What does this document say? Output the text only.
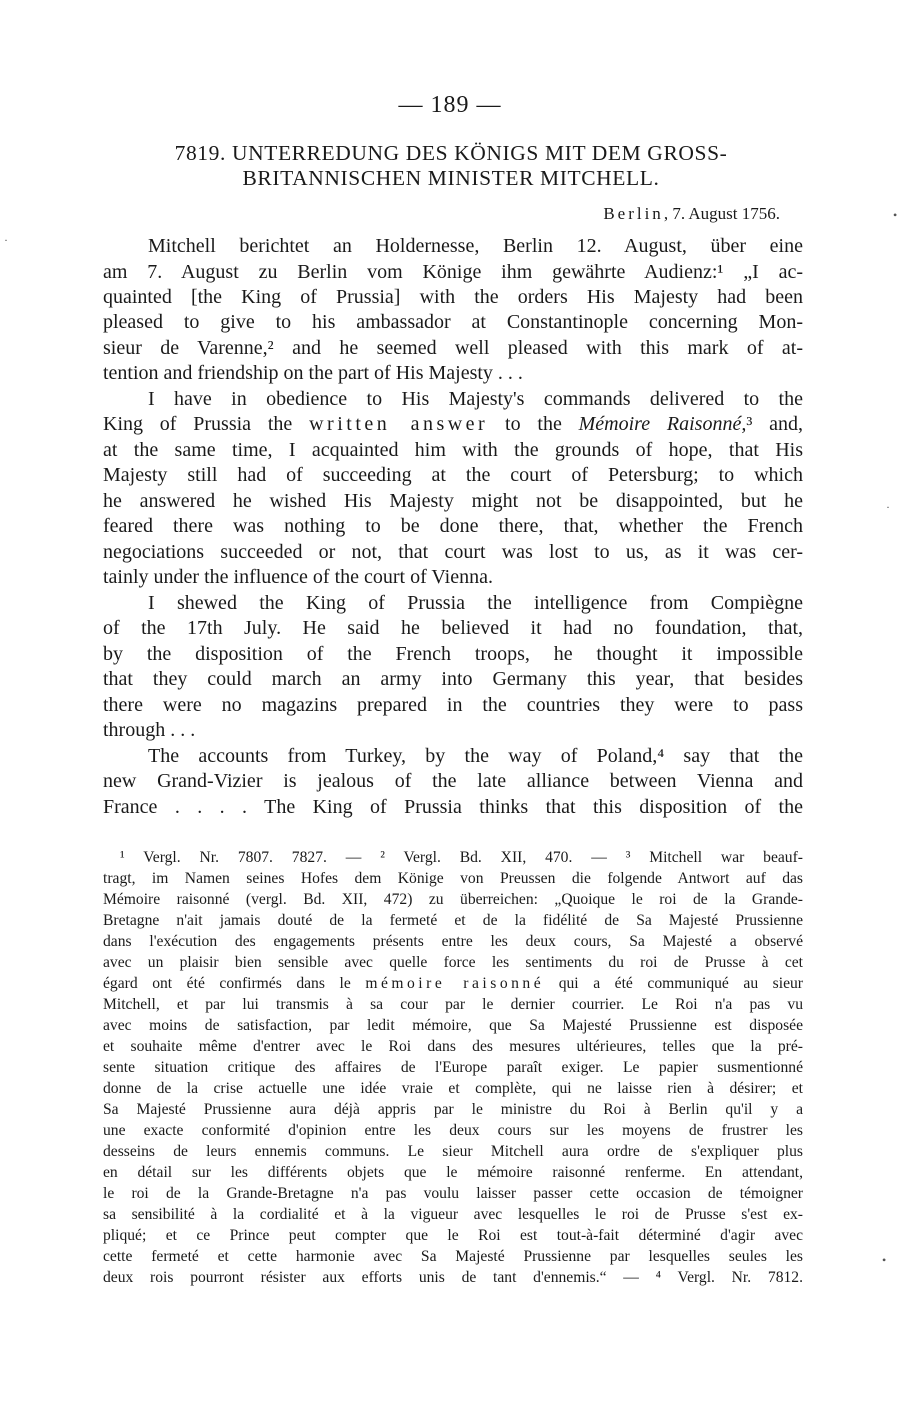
— 189 —
7819. UNTERREDUNG DES KÖNIGS MIT DEM GROSS-
BRITANNISCHEN MINISTER MITCHELL.
Berlin, 7. August 1756.
Mitchell berichtet an Holdernesse, Berlin 12. August, über eine
am 7. August zu Berlin vom Könige ihm gewährte Audienz:¹ „I ac-
quainted [the King of Prussia] with the orders His Majesty had been
pleased to give to his ambassador at Constantinople concerning Mon-
sieur de Varenne,² and he seemed well pleased with this mark of at-
tention and friendship on the part of His Majesty . . .
I have in obedience to His Majesty's commands delivered to the
King of Prussia the written answer to the Mémoire Raisonné,³ and,
at the same time, I acquainted him with the grounds of hope, that His
Majesty still had of succeeding at the court of Petersburg; to which
he answered he wished His Majesty might not be disappointed, but he
feared there was nothing to be done there, that, whether the French
negociations succeeded or not, that court was lost to us, as it was cer-
tainly under the influence of the court of Vienna.
I shewed the King of Prussia the intelligence from Compiègne
of the 17th July. He said he believed it had no foundation, that,
by the disposition of the French troops, he thought it impossible
that they could march an army into Germany this year, that besides
there were no magazins prepared in the countries they were to pass
through . . .
The accounts from Turkey, by the way of Poland,⁴ say that the
new Grand-Vizier is jealous of the late alliance between Vienna and
France . . . . The King of Prussia thinks that this disposition of the
¹ Vergl. Nr. 7807. 7827. — ² Vergl. Bd. XII, 470. — ³ Mitchell war beauf-
tragt, im Namen seines Hofes dem Könige von Preussen die folgende Antwort auf das
Mémoire raisonné (vergl. Bd. XII, 472) zu überreichen: „Quoique le roi de la Grande-
Bretagne n'ait jamais douté de la fermeté et de la fidélité de Sa Majesté Prussienne
dans l'exécution des engagements présents entre les deux cours, Sa Majesté a observé
avec un plaisir bien sensible avec quelle force les sentiments du roi de Prusse à cet
égard ont été confirmés dans le mémoire raisonné qui a été communiqué au sieur
Mitchell, et par lui transmis à sa cour par le dernier courrier. Le Roi n'a pas vu
avec moins de satisfaction, par ledit mémoire, que Sa Majesté Prussienne est disposée
et souhaite même d'entrer avec le Roi dans des mesures ultérieures, telles que la pré-
sente situation critique des affaires de l'Europe paraît exiger. Le papier susmentionné
donne de la crise actuelle une idée vraie et complète, qui ne laisse rien à désirer; et
Sa Majesté Prussienne aura déjà appris par le ministre du Roi à Berlin qu'il y a
une exacte conformité d'opinion entre les deux cours sur les moyens de frustrer les
desseins de leurs ennemis communs. Le sieur Mitchell aura ordre de s'expliquer plus
en détail sur les différents objets que le mémoire raisonné renferme. En attendant,
le roi de la Grande-Bretagne n'a pas voulu laisser passer cette occasion de témoigner
sa sensibilité à la cordialité et à la vigueur avec lesquelles le roi de Prusse s'est ex-
pliqué; et ce Prince peut compter que le Roi est tout-à-fait déterminé d'agir avec
cette fermeté et cette harmonie avec Sa Majesté Prussienne par lesquelles seules les
deux rois pourront résister aux efforts unis de tant d'ennemis.“ — ⁴ Vergl. Nr. 7812.
•
·
•
·
